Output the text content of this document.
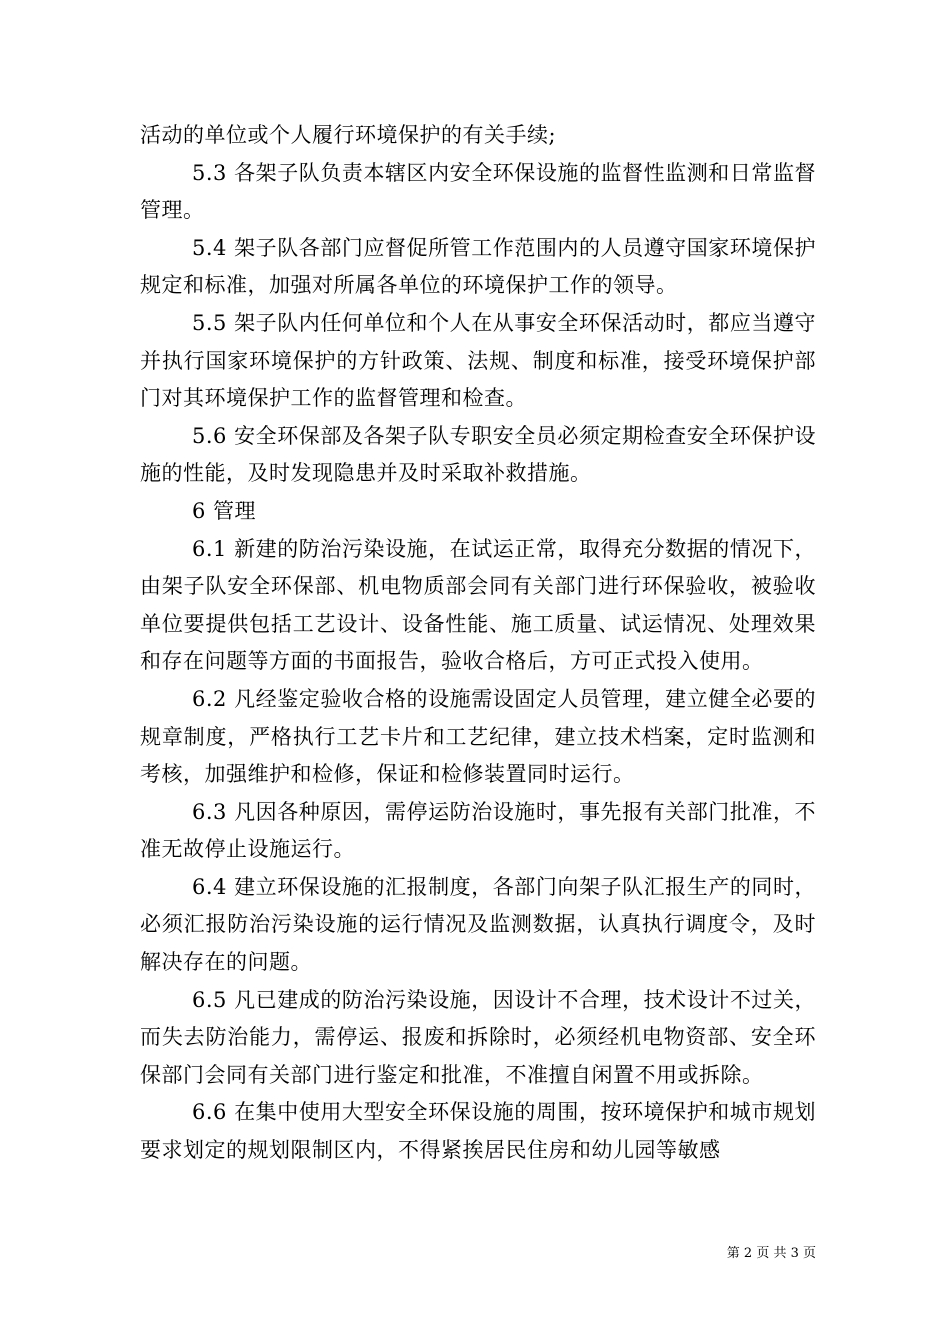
活动的单位或个人履行环境保护的有关手续;

5.3 各架子队负责本辖区内安全环保设施的监督性监测和日常监督管理。

5.4 架子队各部门应督促所管工作范围内的人员遵守国家环境保护规定和标准，加强对所属各单位的环境保护工作的领导。

5.5 架子队内任何单位和个人在从事安全环保活动时，都应当遵守并执行国家环境保护的方针政策、法规、制度和标准，接受环境保护部门对其环境保护工作的监督管理和检查。

5.6 安全环保部及各架子队专职安全员必须定期检查安全环保护设施的性能，及时发现隐患并及时采取补救措施。

6 管理

6.1 新建的防治污染设施，在试运正常，取得充分数据的情况下，由架子队安全环保部、机电物质部会同有关部门进行环保验收，被验收单位要提供包括工艺设计、设备性能、施工质量、试运情况、处理效果和存在问题等方面的书面报告，验收合格后，方可正式投入使用。

6.2 凡经鉴定验收合格的设施需设固定人员管理，建立健全必要的规章制度，严格执行工艺卡片和工艺纪律，建立技术档案，定时监测和考核，加强维护和检修，保证和检修装置同时运行。

6.3 凡因各种原因，需停运防治设施时，事先报有关部门批准，不准无故停止设施运行。

6.4 建立环保设施的汇报制度，各部门向架子队汇报生产的同时，必须汇报防治污染设施的运行情况及监测数据，认真执行调度令，及时解决存在的问题。

6.5 凡已建成的防治污染设施，因设计不合理，技术设计不过关，而失去防治能力，需停运、报废和拆除时，必须经机电物资部、安全环保部门会同有关部门进行鉴定和批准，不准擅自闲置不用或拆除。

6.6 在集中使用大型安全环保设施的周围，按环境保护和城市规划要求划定的规划限制区内，不得紧挨居民住房和幼儿园等敏感

第 2 页 共 3 页
